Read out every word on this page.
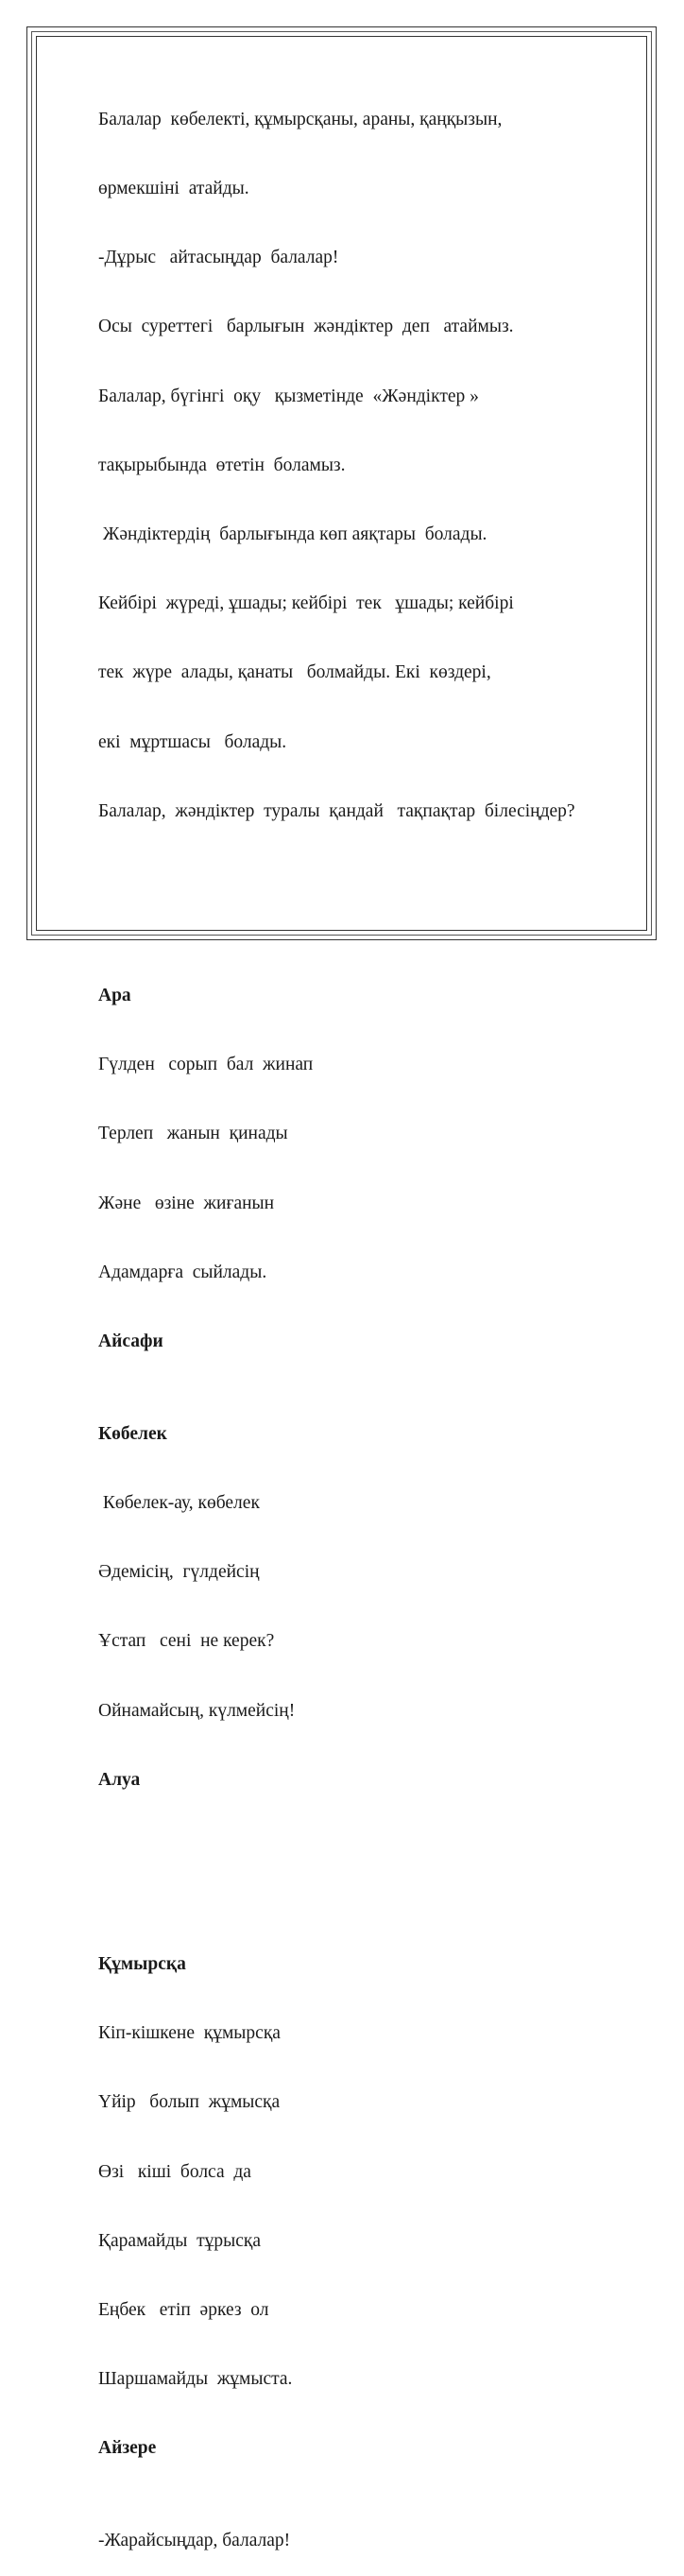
Балалар  көбелекті, құмырсқаны, араны, қаңқызын,

өрмекшіні  атайды.

-Дұрыс   айтасыңдар  балалар!

Осы  суреттегі   барлығын  жәндіктер  деп   атаймыз.

Балалар, бүгінгі  оқу   қызметінде  «Жәндіктер »

тақырыбында  өтетін  боламыз.

Жәндіктердің  барлығында көп аяқтары  болады.

Кейбірі  жүреді, ұшады; кейбірі  тек   ұшады; кейбірі

тек  жүре  алады, қанаты   болмайды. Екі  көздері,

екі  мұртшасы   болады.

Балалар,  жәндіктер  туралы  қандай   тақпақтар  білесіңдер?

Ара

Гүлден   сорып  бал  жинап

Терлеп   жанын  қинады

Және   өзіне  жиғанын

Адамдарға  сыйлады.

Айсафи

Көбелек

Көбелек-ау, көбелек

Әдемісің,  гүлдейсің

Ұстап   сені  не керек?

Ойнамайсың, күлмейсің!

Алуа

Құмырсқа

Кіп-кішкене  құмырсқа

Үйір   болып  жұмысқа

Өзі   кіші  болса  да

Қарамайды  тұрысқа

Еңбек   етіп  әркез  ол

Шаршамайды  жұмыста.

Айзере

-Жарайсыңдар, балалар!
